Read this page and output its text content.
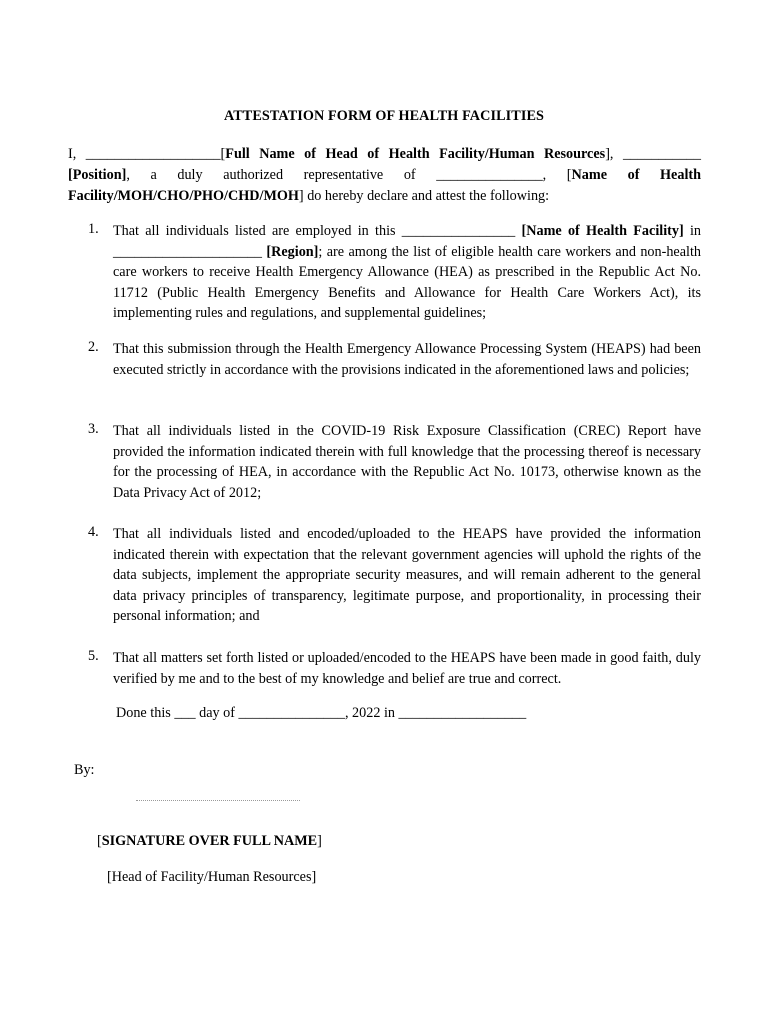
ATTESTATION FORM OF HEALTH FACILITIES
I, ___________________[Full Name of Head of Health Facility/Human Resources], ___________ [Position], a duly authorized representative of _______________, [Name of Health Facility/MOH/CHO/PHO/CHD/MOH] do hereby declare and attest the following:
1. That all individuals listed are employed in this ________________ [Name of Health Facility] in _____________________ [Region]; are among the list of eligible health care workers and non-health care workers to receive Health Emergency Allowance (HEA) as prescribed in the Republic Act No. 11712 (Public Health Emergency Benefits and Allowance for Health Care Workers Act), its implementing rules and regulations, and supplemental guidelines;
2. That this submission through the Health Emergency Allowance Processing System (HEAPS) had been executed strictly in accordance with the provisions indicated in the aforementioned laws and policies;
3. That all individuals listed in the COVID-19 Risk Exposure Classification (CREC) Report have provided the information indicated therein with full knowledge that the processing thereof is necessary for the processing of HEA, in accordance with the Republic Act No. 10173, otherwise known as the Data Privacy Act of 2012;
4. That all individuals listed and encoded/uploaded to the HEAPS have provided the information indicated therein with expectation that the relevant government agencies will uphold the rights of the data subjects, implement the appropriate security measures, and will remain adherent to the general data privacy principles of transparency, legitimate purpose, and proportionality, in processing their personal information; and
5. That all matters set forth listed or uploaded/encoded to the HEAPS have been made in good faith, duly verified by me and to the best of my knowledge and belief are true and correct.
Done this ___ day of _______________, 2022 in __________________
By:
[SIGNATURE OVER FULL NAME]
[Head of Facility/Human Resources]
